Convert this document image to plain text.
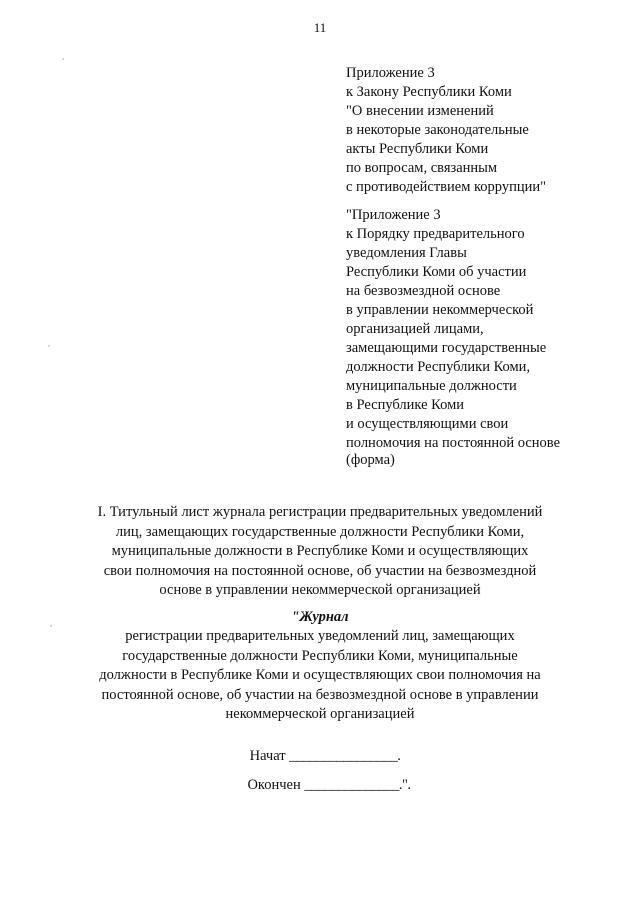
11
Приложение 3
к Закону Республики Коми
"О внесении изменений
в некоторые законодательные
акты Республики Коми
по вопросам, связанным
с противодействием коррупции"
"Приложение 3
к Порядку предварительного
уведомления Главы
Республики Коми об участии
на безвозмездной основе
в управлении некоммерческой
организацией лицами,
замещающими государственные
должности Республики Коми,
муниципальные должности
в Республике Коми
и осуществляющими свои
полномочия на постоянной основе
(форма)
I. Титульный лист журнала регистрации предварительных уведомлений
лиц, замещающих государственные должности Республики Коми,
муниципальные должности в Республике Коми и осуществляющих
свои полномочия на постоянной основе, об участии на безвозмездной
основе в управлении некоммерческой организацией
"Журнал
регистрации предварительных уведомлений лиц, замещающих
государственные должности Республики Коми, муниципальные
должности в Республике Коми и осуществляющих свои полномочия на
постоянной основе, об участии на безвозмездной основе в управлении
некоммерческой организацией
Начат ________________.
Окончен ______________.".
